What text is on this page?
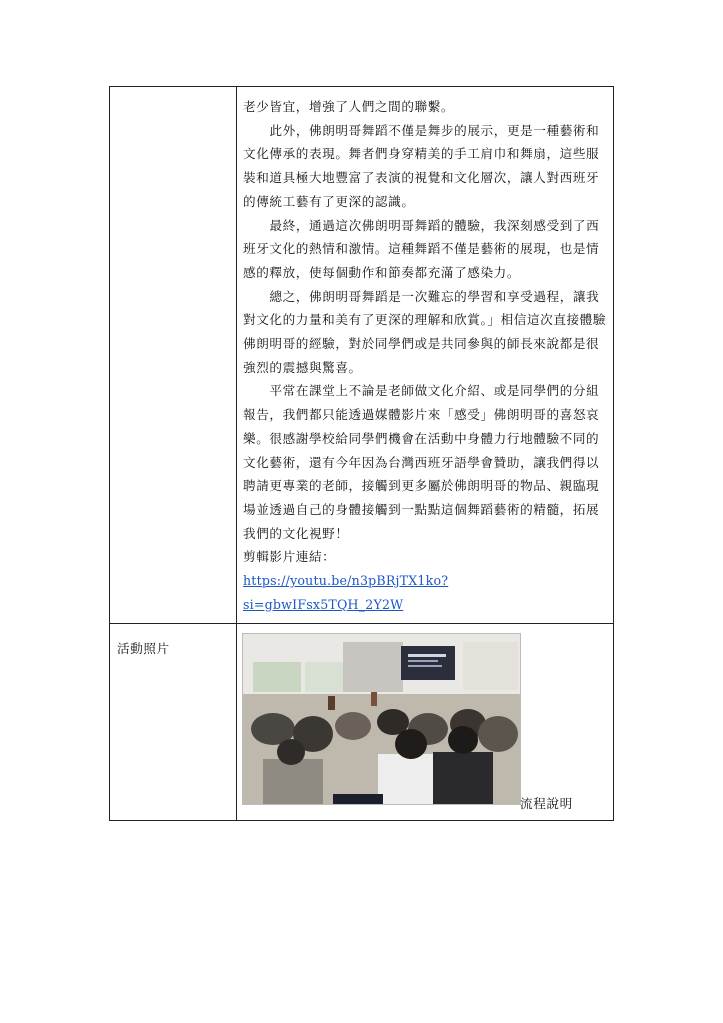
老少皆宜，增強了人們之間的聯繫。

此外，佛朗明哥舞蹈不僅是舞步的展示，更是一種藝術和文化傳承的表現。舞者們身穿精美的手工肩巾和舞扇，這些服裝和道具極大地豐富了表演的視覺和文化層次，讓人對西班牙的傳統工藝有了更深的認識。

最終，通過這次佛朗明哥舞蹈的體驗，我深刻感受到了西班牙文化的熱情和激情。這種舞蹈不僅是藝術的展現，也是情感的釋放，使每個動作和節奏都充滿了感染力。

總之，佛朗明哥舞蹈是一次難忘的學習和享受過程，讓我對文化的力量和美有了更深的理解和欣賞。」相信這次直接體驗佛朗明哥的經驗，對於同學們或是共同參與的師長來說都是很強烈的震撼與驚喜。

平常在課堂上不論是老師做文化介紹、或是同學們的分組報告，我們都只能透過媒體影片來「感受」佛朗明哥的喜怒哀樂。很感謝學校給同學們機會在活動中身體力行地體驗不同的文化藝術，還有今年因為台灣西班牙語學會贊助，讓我們得以聘請更專業的老師，接觸到更多屬於佛朗明哥的物品、親臨現場並透過自己的身體接觸到一點點這個舞蹈藝術的精髓，拓展我們的文化視野！

剪輯影片連結：

https://youtu.be/n3pBRjTX1ko?si=gbwIFsx5TQH_2Y2W

活動照片
流程說明
